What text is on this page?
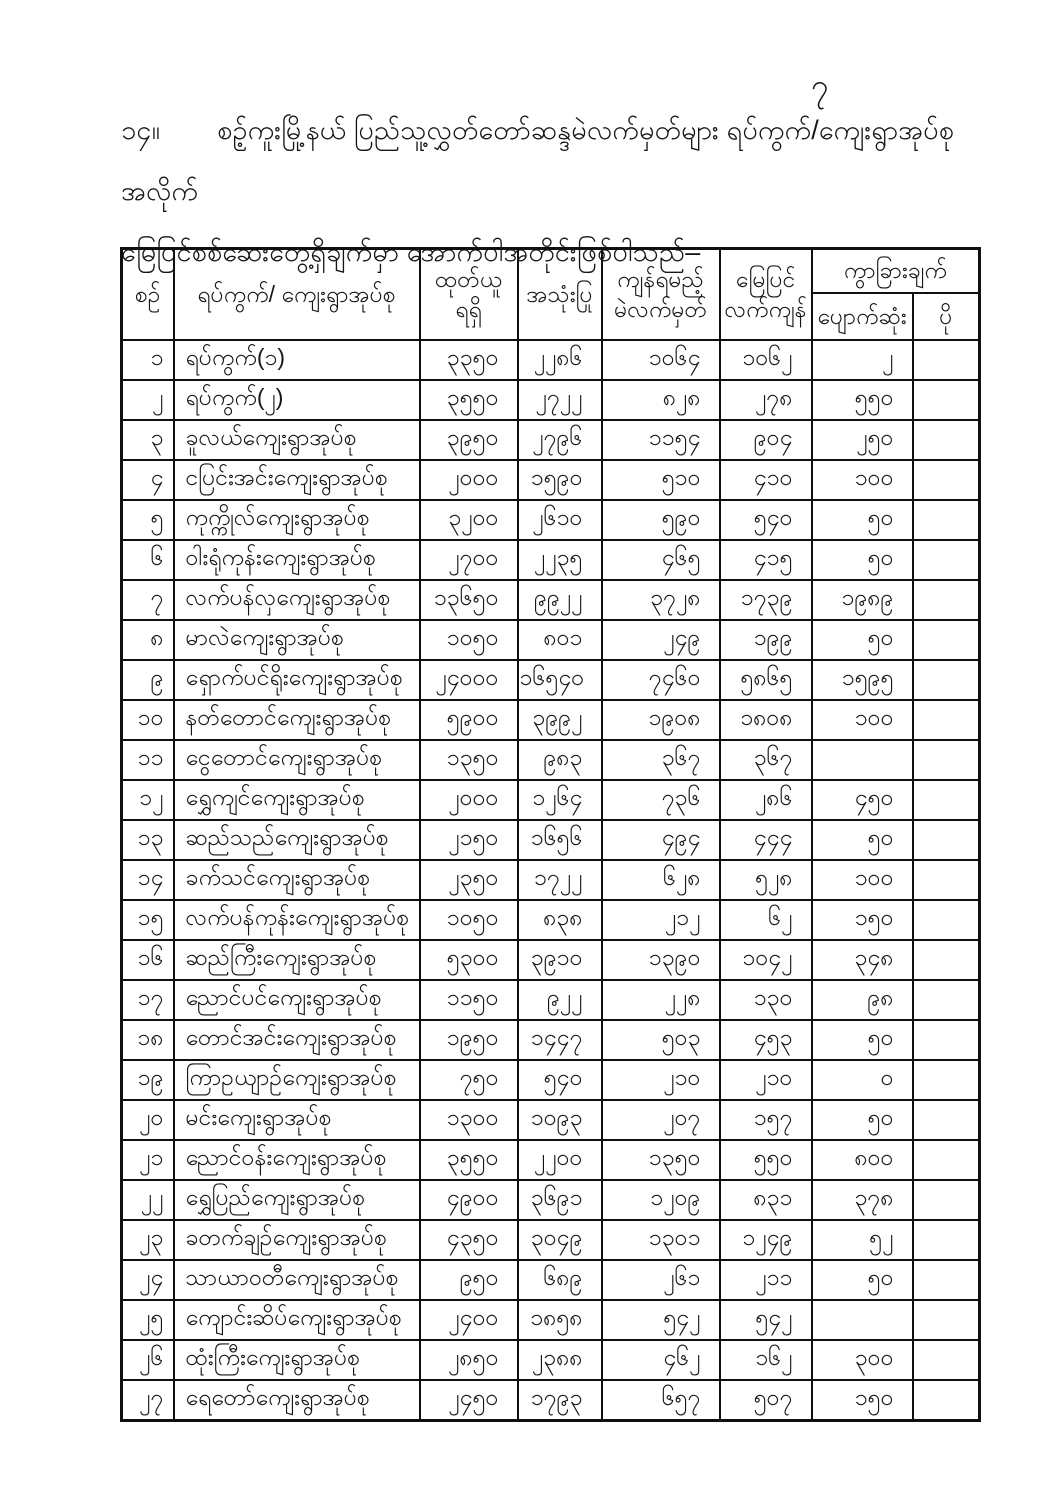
၇
၁၄။ စဉ့်ကူးမြို့နယ် ပြည်သူ့လွှတ်တော်ဆန္ဒမဲလက်မှတ်များ ရပ်ကွက်/ကျေးရွာအုပ်စုအလိုက်
မြေပြင်စစ်ဆေးတွေ့ရှိချက်မှာ အောက်ပါအတိုင်းဖြစ်ပါသည်–
စဉ်	ရပ်ကွက်/ ကျေးရွာအုပ်စု	ထုတ်ယူ
ရရှိ	အသုံးပြု	ကျန်ရမည့်
မဲလက်မှတ်	မြေပြင်
လက်ကျန်	ကွာခြားချက်	
						ပျောက်ဆုံး	ပို
၁	ရပ်ကွက်(၁)	၃၃၅၀	၂၂၈၆	၁၀၆၄	၁၀၆၂	၂	
၂	ရပ်ကွက်(၂)	၃၅၅၀	၂၇၂၂	၈၂၈	၂၇၈	၅၅၀	
၃	ခူလယ်ကျေးရွာအုပ်စု	၃၉၅၀	၂၇၉၆	၁၁၅၄	၉၀၄	၂၅၀	
၄	ငပြင်းအင်းကျေးရွာအုပ်စု	၂၀၀၀	၁၅၉၀	၅၁၀	၄၁၀	၁၀၀	
၅	ကုက္ကိုလ်ကျေးရွာအုပ်စု	၃၂၀၀	၂၆၁၀	၅၉၀	၅၄၀	၅၀	
၆	ဝါးရုံကုန်းကျေးရွာအုပ်စု	၂၇၀၀	၂၂၃၅	၄၆၅	၄၁၅	၅၀	
၇	လက်ပန်လှကျေးရွာအုပ်စု	၁၃၆၅၀	၉၉၂၂	၃၇၂၈	၁၇၃၉	၁၉၈၉	
၈	မာလဲကျေးရွာအုပ်စု	၁၀၅၀	၈၀၁	၂၄၉	၁၉၉	၅၀	
၉	ရှောက်ပင်ရိုးကျေးရွာအုပ်စု	၂၄၀၀၀	၁၆၅၄၀	၇၄၆၀	၅၈၆၅	၁၅၉၅	
၁၀	နတ်တောင်ကျေးရွာအုပ်စု	၅၉၀၀	၃၉၉၂	၁၉၀၈	၁၈၀၈	၁၀၀	
၁၁	ငွေတောင်ကျေးရွာအုပ်စု	၁၃၅၀	၉၈၃	၃၆၇	၃၆၇		
၁၂	ရွှေကျင်ကျေးရွာအုပ်စု	၂၀၀၀	၁၂၆၄	၇၃၆	၂၈၆	၄၅၀	
၁၃	ဆည်သည်ကျေးရွာအုပ်စု	၂၁၅၀	၁၆၅၆	၄၉၄	၄၄၄	၅၀	
၁၄	ခက်သင်ကျေးရွာအုပ်စု	၂၃၅၀	၁၇၂၂	၆၂၈	၅၂၈	၁၀၀	
၁၅	လက်ပန်ကုန်းကျေးရွာအုပ်စု	၁၀၅၀	၈၃၈	၂၁၂	၆၂	၁၅၀	
၁၆	ဆည်ကြီးကျေးရွာအုပ်စု	၅၃၀၀	၃၉၁၀	၁၃၉၀	၁၀၄၂	၃၄၈	
၁၇	ညောင်ပင်ကျေးရွာအုပ်စု	၁၁၅၀	၉၂၂	၂၂၈	၁၃၀	၉၈	
၁၈	တောင်အင်းကျေးရွာအုပ်စု	၁၉၅၀	၁၄၄၇	၅၀၃	၄၅၃	၅၀	
၁၉	ကြာဥယျာဉ်ကျေးရွာအုပ်စု	၇၅၀	၅၄၀	၂၁၀	၂၁၀	၀	
၂၀	မင်းကျေးရွာအုပ်စု	၁၃၀၀	၁၀၉၃	၂၀၇	၁၅၇	၅၀	
၂၁	ညောင်ဝန်းကျေးရွာအုပ်စု	၃၅၅၀	၂၂၀၀	၁၃၅၀	၅၅၀	၈၀၀	
၂၂	ရွှေပြည်ကျေးရွာအုပ်စု	၄၉၀၀	၃၆၉၁	၁၂၀၉	၈၃၁	၃၇၈	
၂၃	ခတက်ချဉ်ကျေးရွာအုပ်စု	၄၃၅၀	၃၀၄၉	၁၃၀၁	၁၂၄၉	၅၂	
၂၄	သာယာဝတီကျေးရွာအုပ်စု	၉၅၀	၆၈၉	၂၆၁	၂၁၁	၅၀	
၂၅	ကျောင်းဆိပ်ကျေးရွာအုပ်စု	၂၄၀၀	၁၈၅၈	၅၄၂	၅၄၂		
၂၆	ထုံးကြီးကျေးရွာအုပ်စု	၂၈၅၀	၂၃၈၈	၄၆၂	၁၆၂	၃၀၀	
၂၇	ရေတော်ကျေးရွာအုပ်စု	၂၄၅၀	၁၇၉၃	၆၅၇	၅၀၇	၁၅၀	
